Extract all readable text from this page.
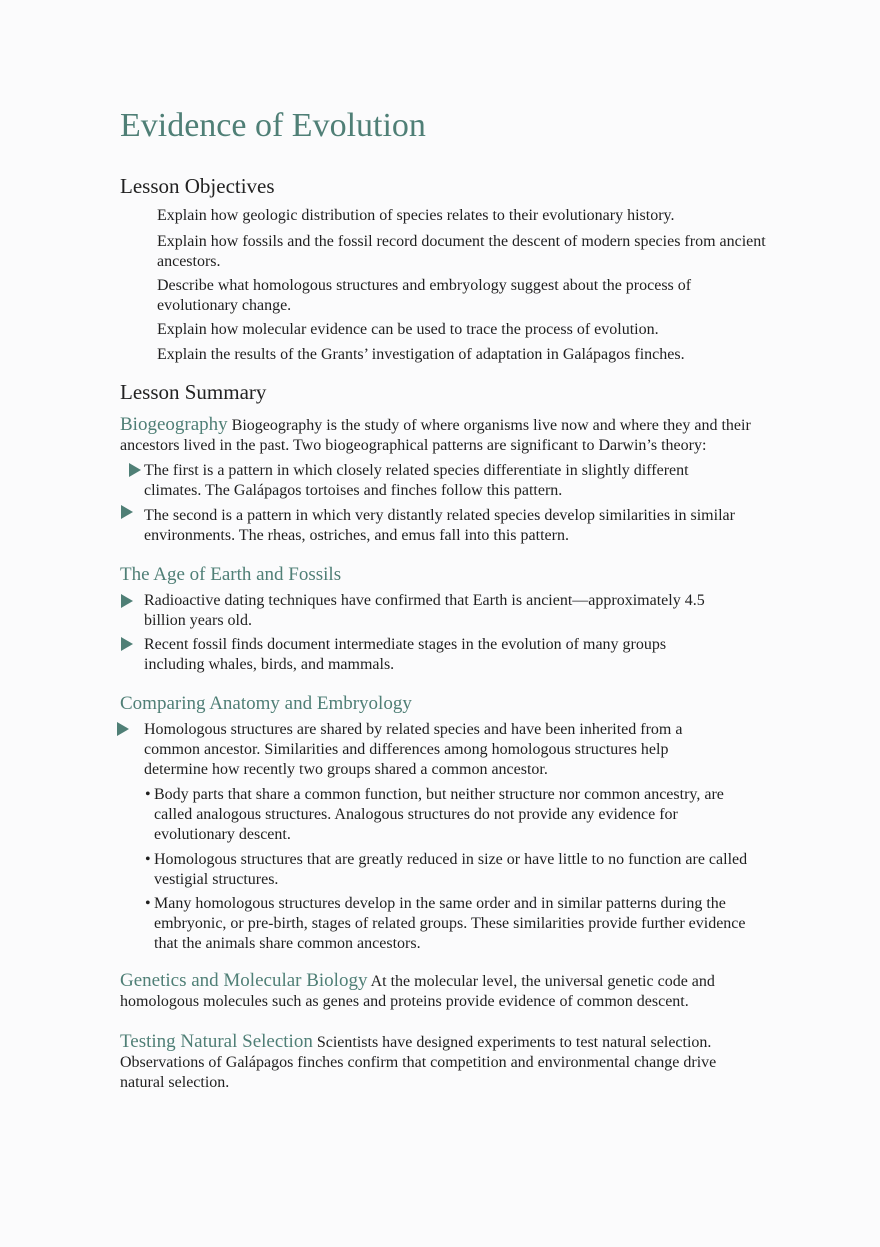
Evidence of Evolution
Lesson Objectives

Explain how geologic distribution of species relates to their evolutionary history.

Explain how fossils and the fossil record document the descent of modern species from ancient ancestors.

Describe what homologous structures and embryology suggest about the process of evolutionary change.

Explain how molecular evidence can be used to trace the process of evolution.

Explain the results of the Grants’ investigation of adaptation in Galápagos finches.

Lesson Summary

Biogeography Biogeography is the study of where organisms live now and where they and their ancestors lived in the past. Two biogeographical patterns are significant to Darwin’s theory:

The first is a pattern in which closely related species differentiate in slightly different climates. The Galápagos tortoises and finches follow this pattern.

The second is a pattern in which very distantly related species develop similarities in similar environments. The rheas, ostriches, and emus fall into this pattern.

The Age of Earth and Fossils

Radioactive dating techniques have confirmed that Earth is ancient—approximately 4.5 billion years old.

Recent fossil finds document intermediate stages in the evolution of many groups including whales, birds, and mammals.

Comparing Anatomy and Embryology

Homologous structures are shared by related species and have been inherited from a common ancestor. Similarities and differences among homologous structures help determine how recently two groups shared a common ancestor.

• Body parts that share a common function, but neither structure nor common ancestry, are called analogous structures. Analogous structures do not provide any evidence for evolutionary descent.

• Homologous structures that are greatly reduced in size or have little to no function are called vestigial structures.

• Many homologous structures develop in the same order and in similar patterns during the embryonic, or pre-birth, stages of related groups. These similarities provide further evidence that the animals share common ancestors.

Genetics and Molecular Biology At the molecular level, the universal genetic code and homologous molecules such as genes and proteins provide evidence of common descent.

Testing Natural Selection Scientists have designed experiments to test natural selection. Observations of Galápagos finches confirm that competition and environmental change drive natural selection.
